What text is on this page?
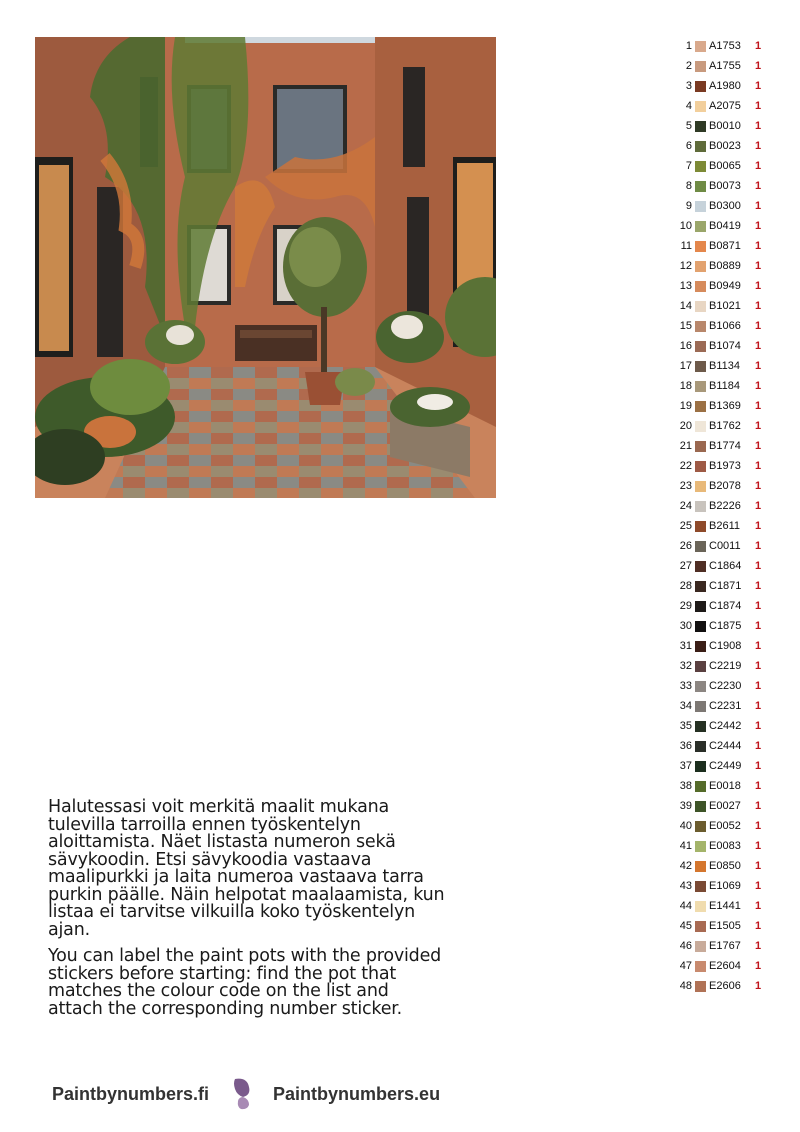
1 A1753	1
2 A1755	1
3 A1980	1
4 A2075	1
5 B0010	1
6 B0023	1
7 B0065	1
8 B0073	1
9 B0300	1
10 B0419	1
11 B0871	1
12 B0889	1
13 B0949	1
14 B1021	1
15 B1066	1
16 B1074	1
17 B1134	1
18 B1184	1
19 B1369	1
20 B1762	1
21 B1774	1
22 B1973	1
23 B2078	1
24 B2226	1
25 B2611	1
26 C0011	1
27 C1864	1
28 C1871	1
29 C1874	1
30 C1875	1
31 C1908	1
32 C2219	1
33 C2230	1
34 C2231	1
35 C2442	1
36 C2444	1
37 C2449	1
38 E0018	1
39 E0027	1
40 E0052	1
41 E0083	1
42 E0850	1
43 E1069	1
44 E1441	1
45 E1505	1
46 E1767	1
47 E2604	1
48 E2606	1

Halutessasi voit merkitä maalit mukana tulevilla tarroilla ennen työskentelyn aloittamista. Näet listasta numeron sekä sävykoodin. Etsi sävykoodia vastaava maalipurkki ja laita numeroa vastaava tarra purkin päälle. Näin helpotat maalaamista, kun listaa ei tarvitse vilkuilla koko työskentelyn ajan.

You can label the paint pots with the provided stickers before starting: find the pot that matches the colour code on the list and attach the corresponding number sticker.

Paintbynumbers.fi	Paintbynumbers.eu
